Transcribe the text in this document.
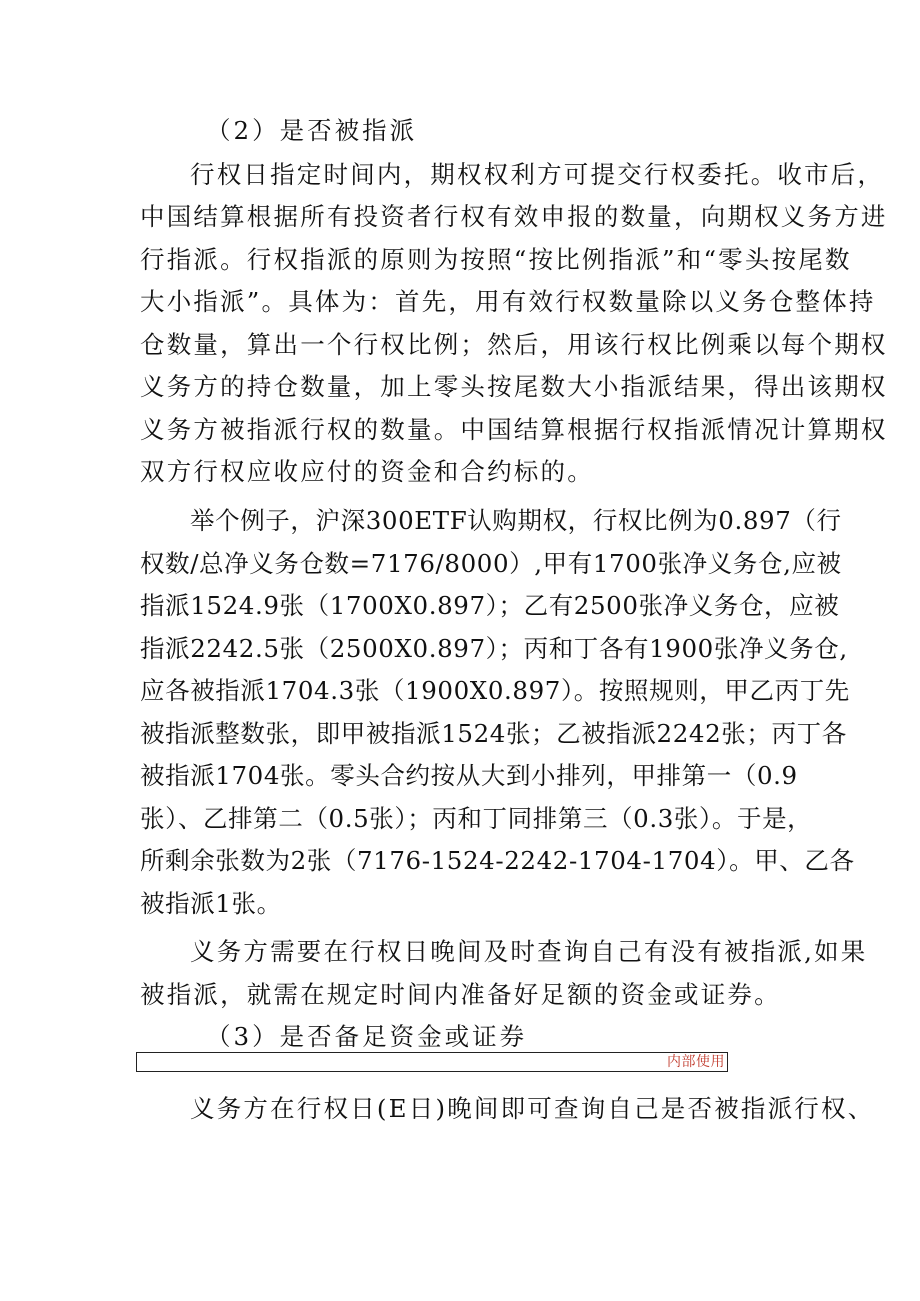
（2）是否被指派
行权日指定时间内，期权权利方可提交行权委托。收市后，
中国结算根据所有投资者行权有效申报的数量，向期权义务方进
行指派。行权指派的原则为按照“按比例指派”和“零头按尾数
大小指派”。具体为：首先，用有效行权数量除以义务仓整体持
仓数量，算出一个行权比例；然后，用该行权比例乘以每个期权
义务方的持仓数量，加上零头按尾数大小指派结果，得出该期权
义务方被指派行权的数量。中国结算根据行权指派情况计算期权
双方行权应收应付的资金和合约标的。
举个例子，沪深300ETF认购期权，行权比例为0.897（行
权数/总净义务仓数=7176/8000）,甲有1700张净义务仓,应被
指派1524.9张（1700X0.897）；乙有2500张净义务仓，应被
指派2242.5张（2500X0.897）；丙和丁各有1900张净义务仓,
应各被指派1704.3张（1900X0.897）。按照规则，甲乙丙丁先
被指派整数张，即甲被指派1524张；乙被指派2242张；丙丁各
被指派1704张。零头合约按从大到小排列，甲排第一（0.9
张）、乙排第二（0.5张）；丙和丁同排第三（0.3张）。于是，
所剩余张数为2张（7176-1524-2242-1704-1704）。甲、乙各
被指派1张。
义务方需要在行权日晚间及时查询自己有没有被指派,如果
被指派，就需在规定时间内准备好足额的资金或证券。
（3）是否备足资金或证券
内部使用
义务方在行权日(E日)晚间即可查询自己是否被指派行权、
